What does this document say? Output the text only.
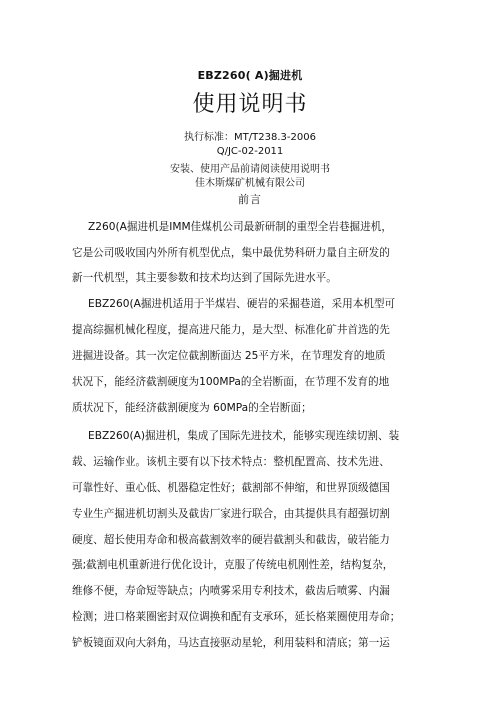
EBZ260( A)掘进机
使用说明书
执行标准：MT/T238.3-2006
Q/JC-02-2011
安装、使用产品前请阅读使用说明书
佳木斯煤矿机械有限公司
前言
Z260(A掘进机是IMM佳煤机公司最新研制的重型全岩巷掘进机，
它是公司吸收国内外所有机型优点，集中最优势科研力量自主研发的
新一代机型，其主要参数和技术均达到了国际先进水平。
EBZ260(A掘进机适用于半煤岩、硬岩的采掘巷道，采用本机型可
提高综掘机械化程度，提高进尺能力，是大型、标准化矿井首选的先
进掘进设备。其一次定位截割断面达 25平方米，在节理发育的地质
状况下，能经济截割硬度为100MPa的全岩断面，在节理不发育的地
质状况下，能经济截割硬度为 60MPa的全岩断面；
EBZ260(A)掘进机，集成了国际先进技术，能够实现连续切割、装
载、运输作业。该机主要有以下技术特点：整机配置高、技术先进、
可靠性好、重心低、机器稳定性好；截割部不伸缩，和世界顶级德国
专业生产掘进机切割头及截齿厂家进行联合，由其提供具有超强切割
硬度、超长使用寿命和极高截割效率的硬岩截割头和截齿，破岩能力
强;截割电机重新进行优化设计，克服了传统电机刚性差，结构复杂，
维修不便，寿命短等缺点；内喷雾采用专利技术，截齿后喷雾、内漏
检测；进口格莱圈密封双位调换和配有支承环，延长格莱圈使用寿命；
铲板镜面双向大斜角，马达直接驱动星轮，利用装料和清底；第一运
